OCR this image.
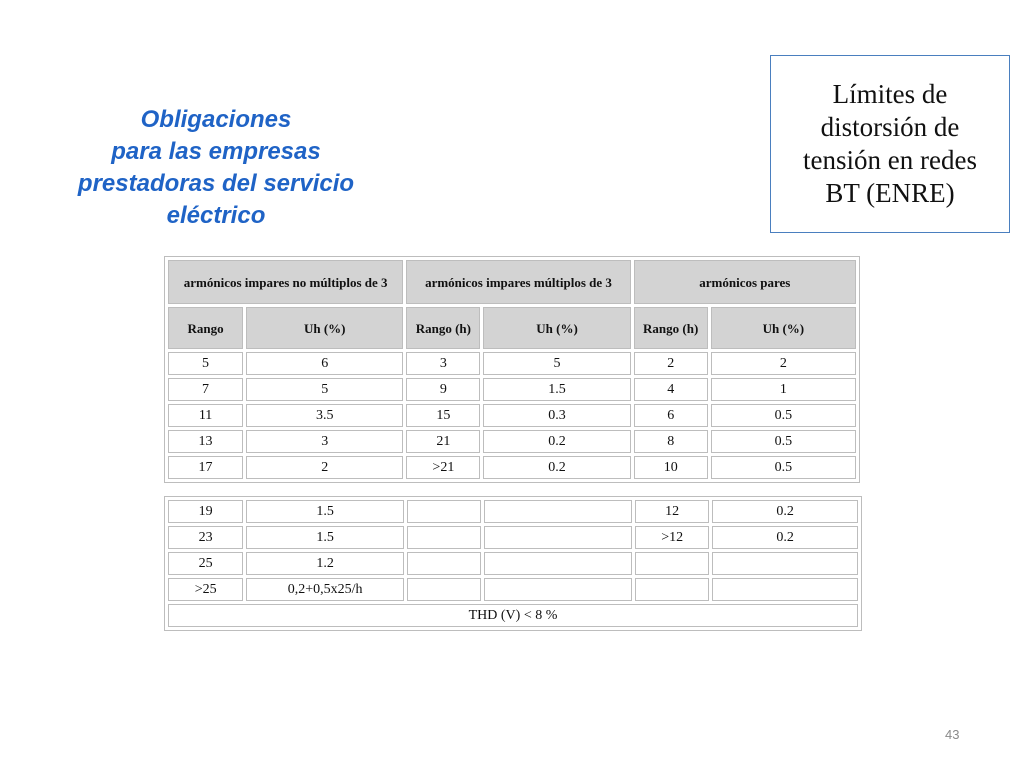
Obligaciones
para las empresas
prestadoras del servicio
eléctrico
Límites de
distorsión de
tensión en redes
BT (ENRE)
armónicos impares no múltiplos de 3		armónicos impares múltiplos de 3		armónicos pares	
Rango	Uh (%)	Rango (h)	Uh (%)	Rango (h)	Uh (%)
5	6	3	5	2	2
7	5	9	1.5	4	1
11	3.5	15	0.3	6	0.5
13	3	21	0.2	8	0.5
17	2	>21	0.2	10	0.5
19	1.5			12	0.2
23	1.5			>12	0.2
25	1.2				
>25	0,2+0,5x25/h				
THD (V) < 8 %					
43
